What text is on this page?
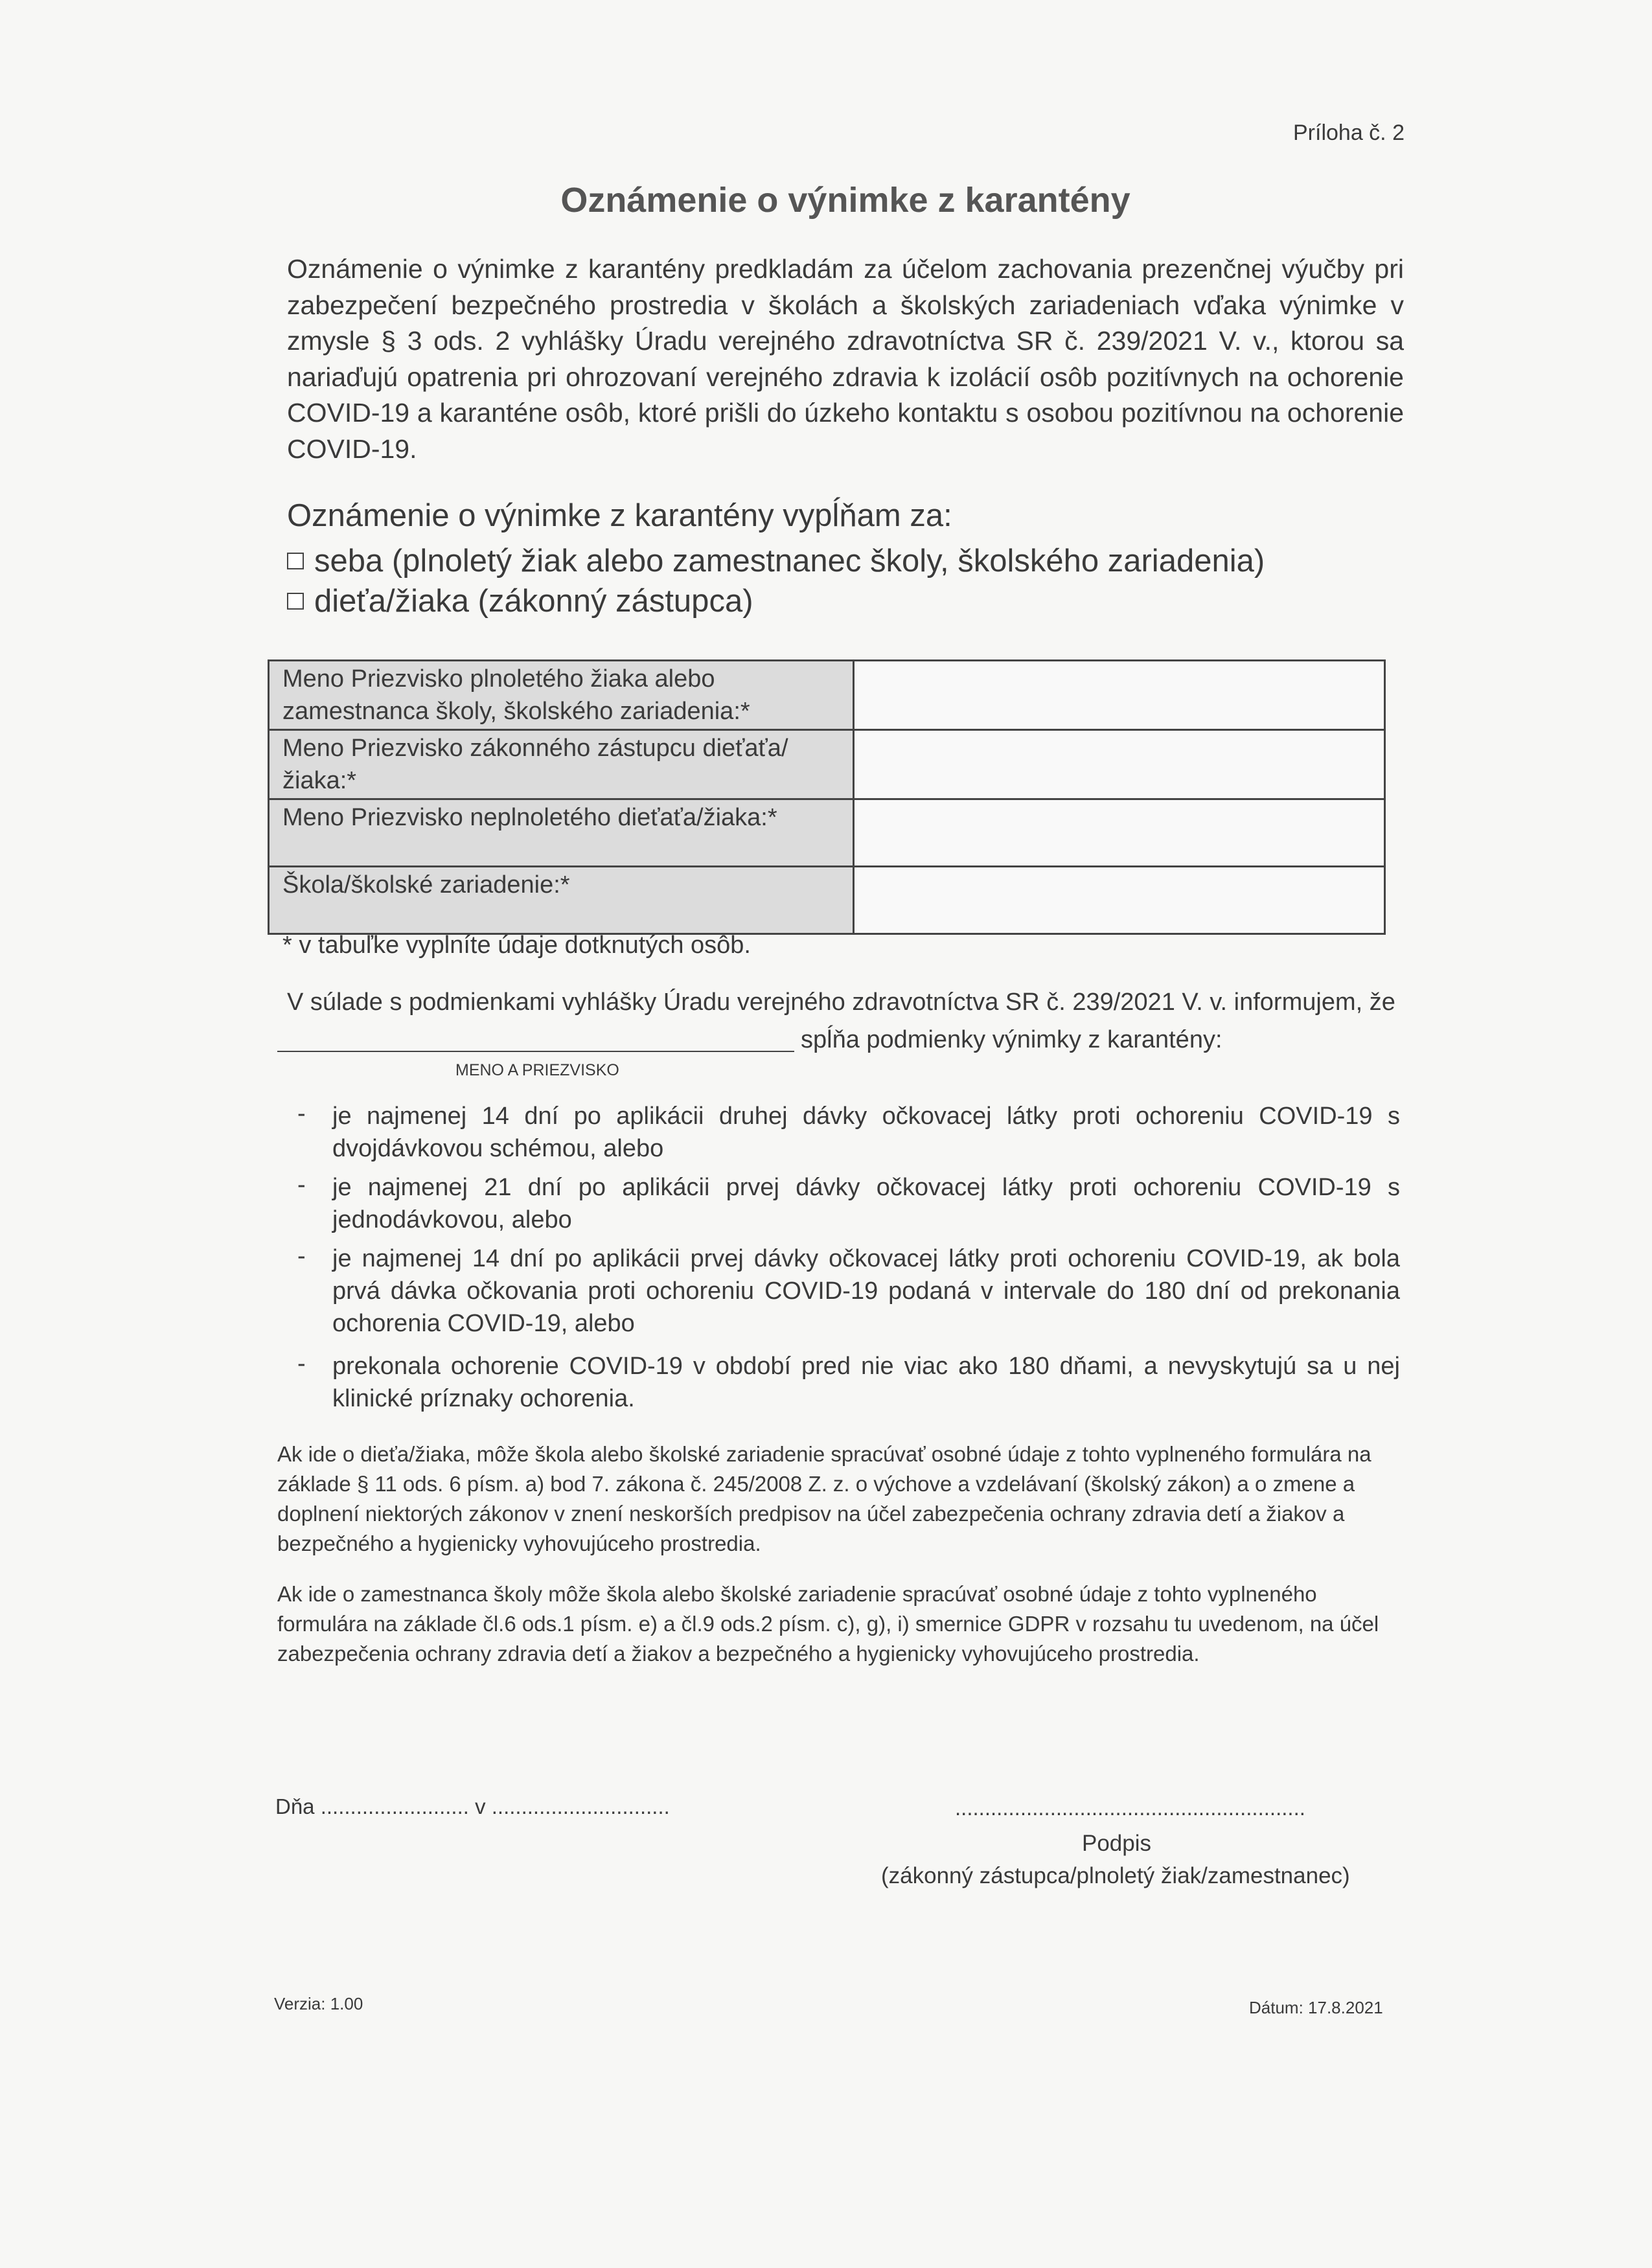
Príloha č. 2
Oznámenie o výnimke z karantény
Oznámenie o výnimke z karantény predkladám za účelom zachovania prezenčnej výučby pri zabezpečení bezpečného prostredia v školách a školských zariadeniach vďaka výnimke v zmysle § 3 ods. 2 vyhlášky Úradu verejného zdravotníctva SR č. 239/2021 V. v., ktorou sa nariaďujú opatrenia pri ohrozovaní verejného zdravia k izolácií osôb pozitívnych na ochorenie COVID-19 a karanténe osôb, ktoré prišli do úzkeho kontaktu s osobou pozitívnou na ochorenie COVID-19.
Oznámenie o výnimke z karantény vypĺňam za:
seba (plnoletý žiak alebo zamestnanec školy, školského zariadenia)
dieťa/žiaka (zákonný zástupca)
Meno Priezvisko plnoletého žiaka alebo zamestnanca školy, školského zariadenia:*	
Meno Priezvisko zákonného zástupcu dieťaťa/žiaka:*	
Meno Priezvisko neplnoletého dieťaťa/žiaka:*	
Škola/školské zariadenie:*	
* v tabuľke vyplníte údaje dotknutých osôb.
V súlade s podmienkami vyhlášky Úradu verejného zdravotníctva SR č. 239/2021 V. v. informujem, že
spĺňa podmienky výnimky z karantény:
MENO A PRIEZVISKO
- je najmenej 14 dní po aplikácii druhej dávky očkovacej látky proti ochoreniu COVID-19 s dvojdávkovou schémou, alebo
- je najmenej 21 dní po aplikácii prvej dávky očkovacej látky proti ochoreniu COVID-19 s jednodávkovou, alebo
- je najmenej 14 dní po aplikácii prvej dávky očkovacej látky proti ochoreniu COVID-19, ak bola prvá dávka očkovania proti ochoreniu COVID-19 podaná v intervale do 180 dní od prekonania ochorenia COVID-19, alebo
- prekonala ochorenie COVID-19 v období pred nie viac ako 180 dňami, a nevyskytujú sa u nej klinické príznaky ochorenia.
Ak ide o dieťa/žiaka, môže škola alebo školské zariadenie spracúvať osobné údaje z tohto vyplneného formulára na základe § 11 ods. 6 písm. a) bod 7. zákona č. 245/2008 Z. z. o výchove a vzdelávaní (školský zákon) a o zmene a doplnení niektorých zákonov v znení neskorších predpisov na účel zabezpečenia ochrany zdravia detí a žiakov a bezpečného a hygienicky vyhovujúceho prostredia.
Ak ide o zamestnanca školy môže škola alebo školské zariadenie spracúvať osobné údaje z tohto vyplneného formulára na základe čl.6 ods.1 písm. e) a čl.9 ods.2 písm. c), g), i) smernice GDPR v rozsahu tu uvedenom, na účel zabezpečenia ochrany zdravia detí a žiakov a bezpečného a hygienicky vyhovujúceho prostredia.
Dňa ......................... v ..............................	...........................................................
Podpis
(zákonný zástupca/plnoletý žiak/zamestnanec)
Verzia: 1.00	Dátum: 17.8.2021
